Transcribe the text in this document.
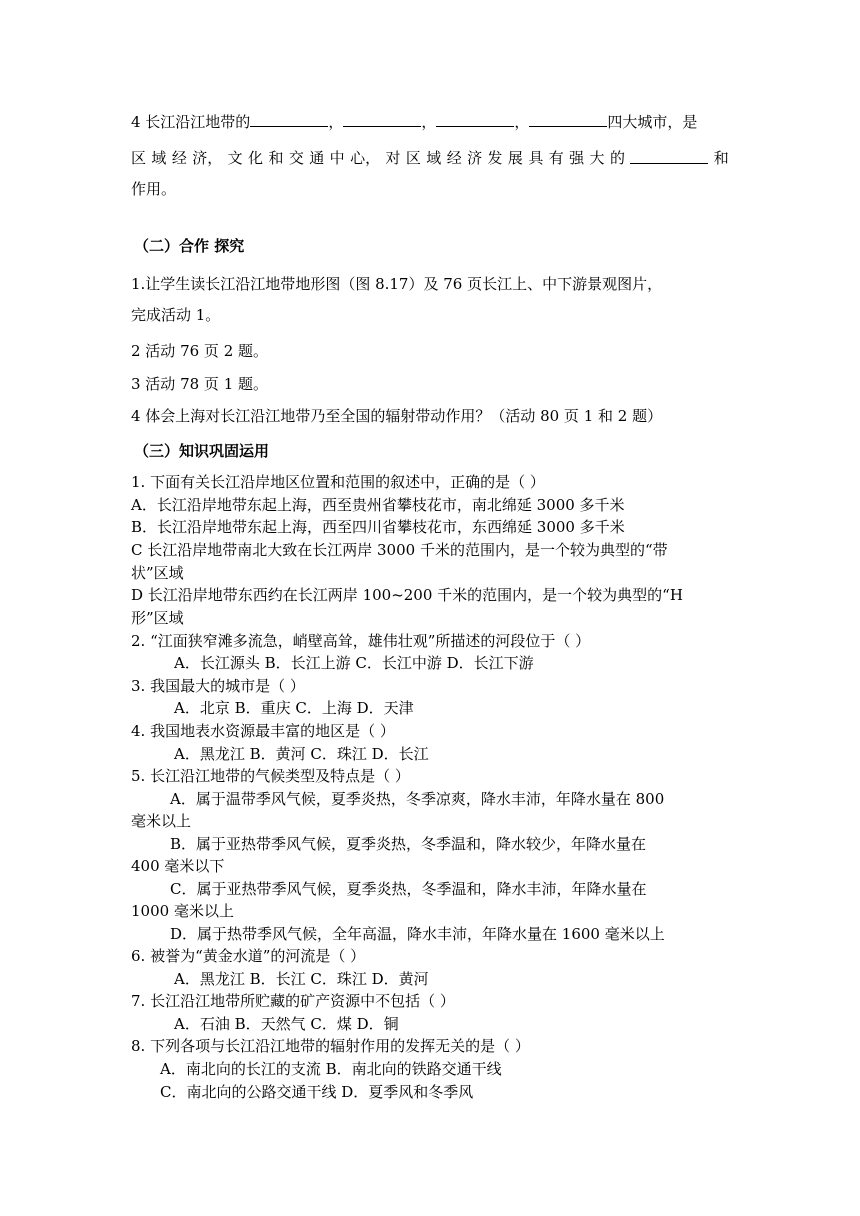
4 长江沿江地带的	，	，	，	四大城市，是
区 域 经 济， 文 化 和 交 通 中 心， 对 区 域 经 济 发 展 具 有 强 大 的	和
作用。
（二）合作 探究
1.让学生读长江沿江地带地形图（图 8.17）及 76 页长江上、中下游景观图片，
完成活动 1。
2 活动 76 页 2 题。
3 活动 78 页 1 题。
4 体会上海对长江沿江地带乃至全国的辐射带动作用？（活动 80 页 1 和 2 题）
（三）知识巩固运用
1. 下面有关长江沿岸地区位置和范围的叙述中，正确的是（ ）
A．长江沿岸地带东起上海，西至贵州省攀枝花市，南北绵延 3000 多千米
B．长江沿岸地带东起上海，西至四川省攀枝花市，东西绵延 3000 多千米
C 长江沿岸地带南北大致在长江两岸 3000 千米的范围内，是一个较为典型的“带
状”区域
D 长江沿岸地带东西约在长江两岸 100~200 千米的范围内，是一个较为典型的“H
形”区域
2. “江面狭窄滩多流急，峭壁高耸，雄伟壮观”所描述的河段位于（ ）
A．长江源头 B．长江上游 C．长江中游 D．长江下游
3. 我国最大的城市是（ ）
A．北京 B．重庆 C．上海 D．天津
4. 我国地表水资源最丰富的地区是（ ）
A．黑龙江 B．黄河 C．珠江 D．长江
5. 长江沿江地带的气候类型及特点是（ ）
A．属于温带季风气候，夏季炎热，冬季凉爽，降水丰沛，年降水量在 800
毫米以上
B．属于亚热带季风气候，夏季炎热，冬季温和，降水较少，年降水量在
400 毫米以下
C．属于亚热带季风气候，夏季炎热，冬季温和，降水丰沛，年降水量在
1000 毫米以上
D．属于热带季风气候，全年高温，降水丰沛，年降水量在 1600 毫米以上
6. 被誉为“黄金水道”的河流是（ ）
A．黑龙江 B．长江 C．珠江 D．黄河
7. 长江沿江地带所贮藏的矿产资源中不包括（ ）
A．石油 B．天然气 C．煤 D．铜
8. 下列各项与长江沿江地带的辐射作用的发挥无关的是（ ）
A．南北向的长江的支流 B．南北向的铁路交通干线
C．南北向的公路交通干线 D．夏季风和冬季风
